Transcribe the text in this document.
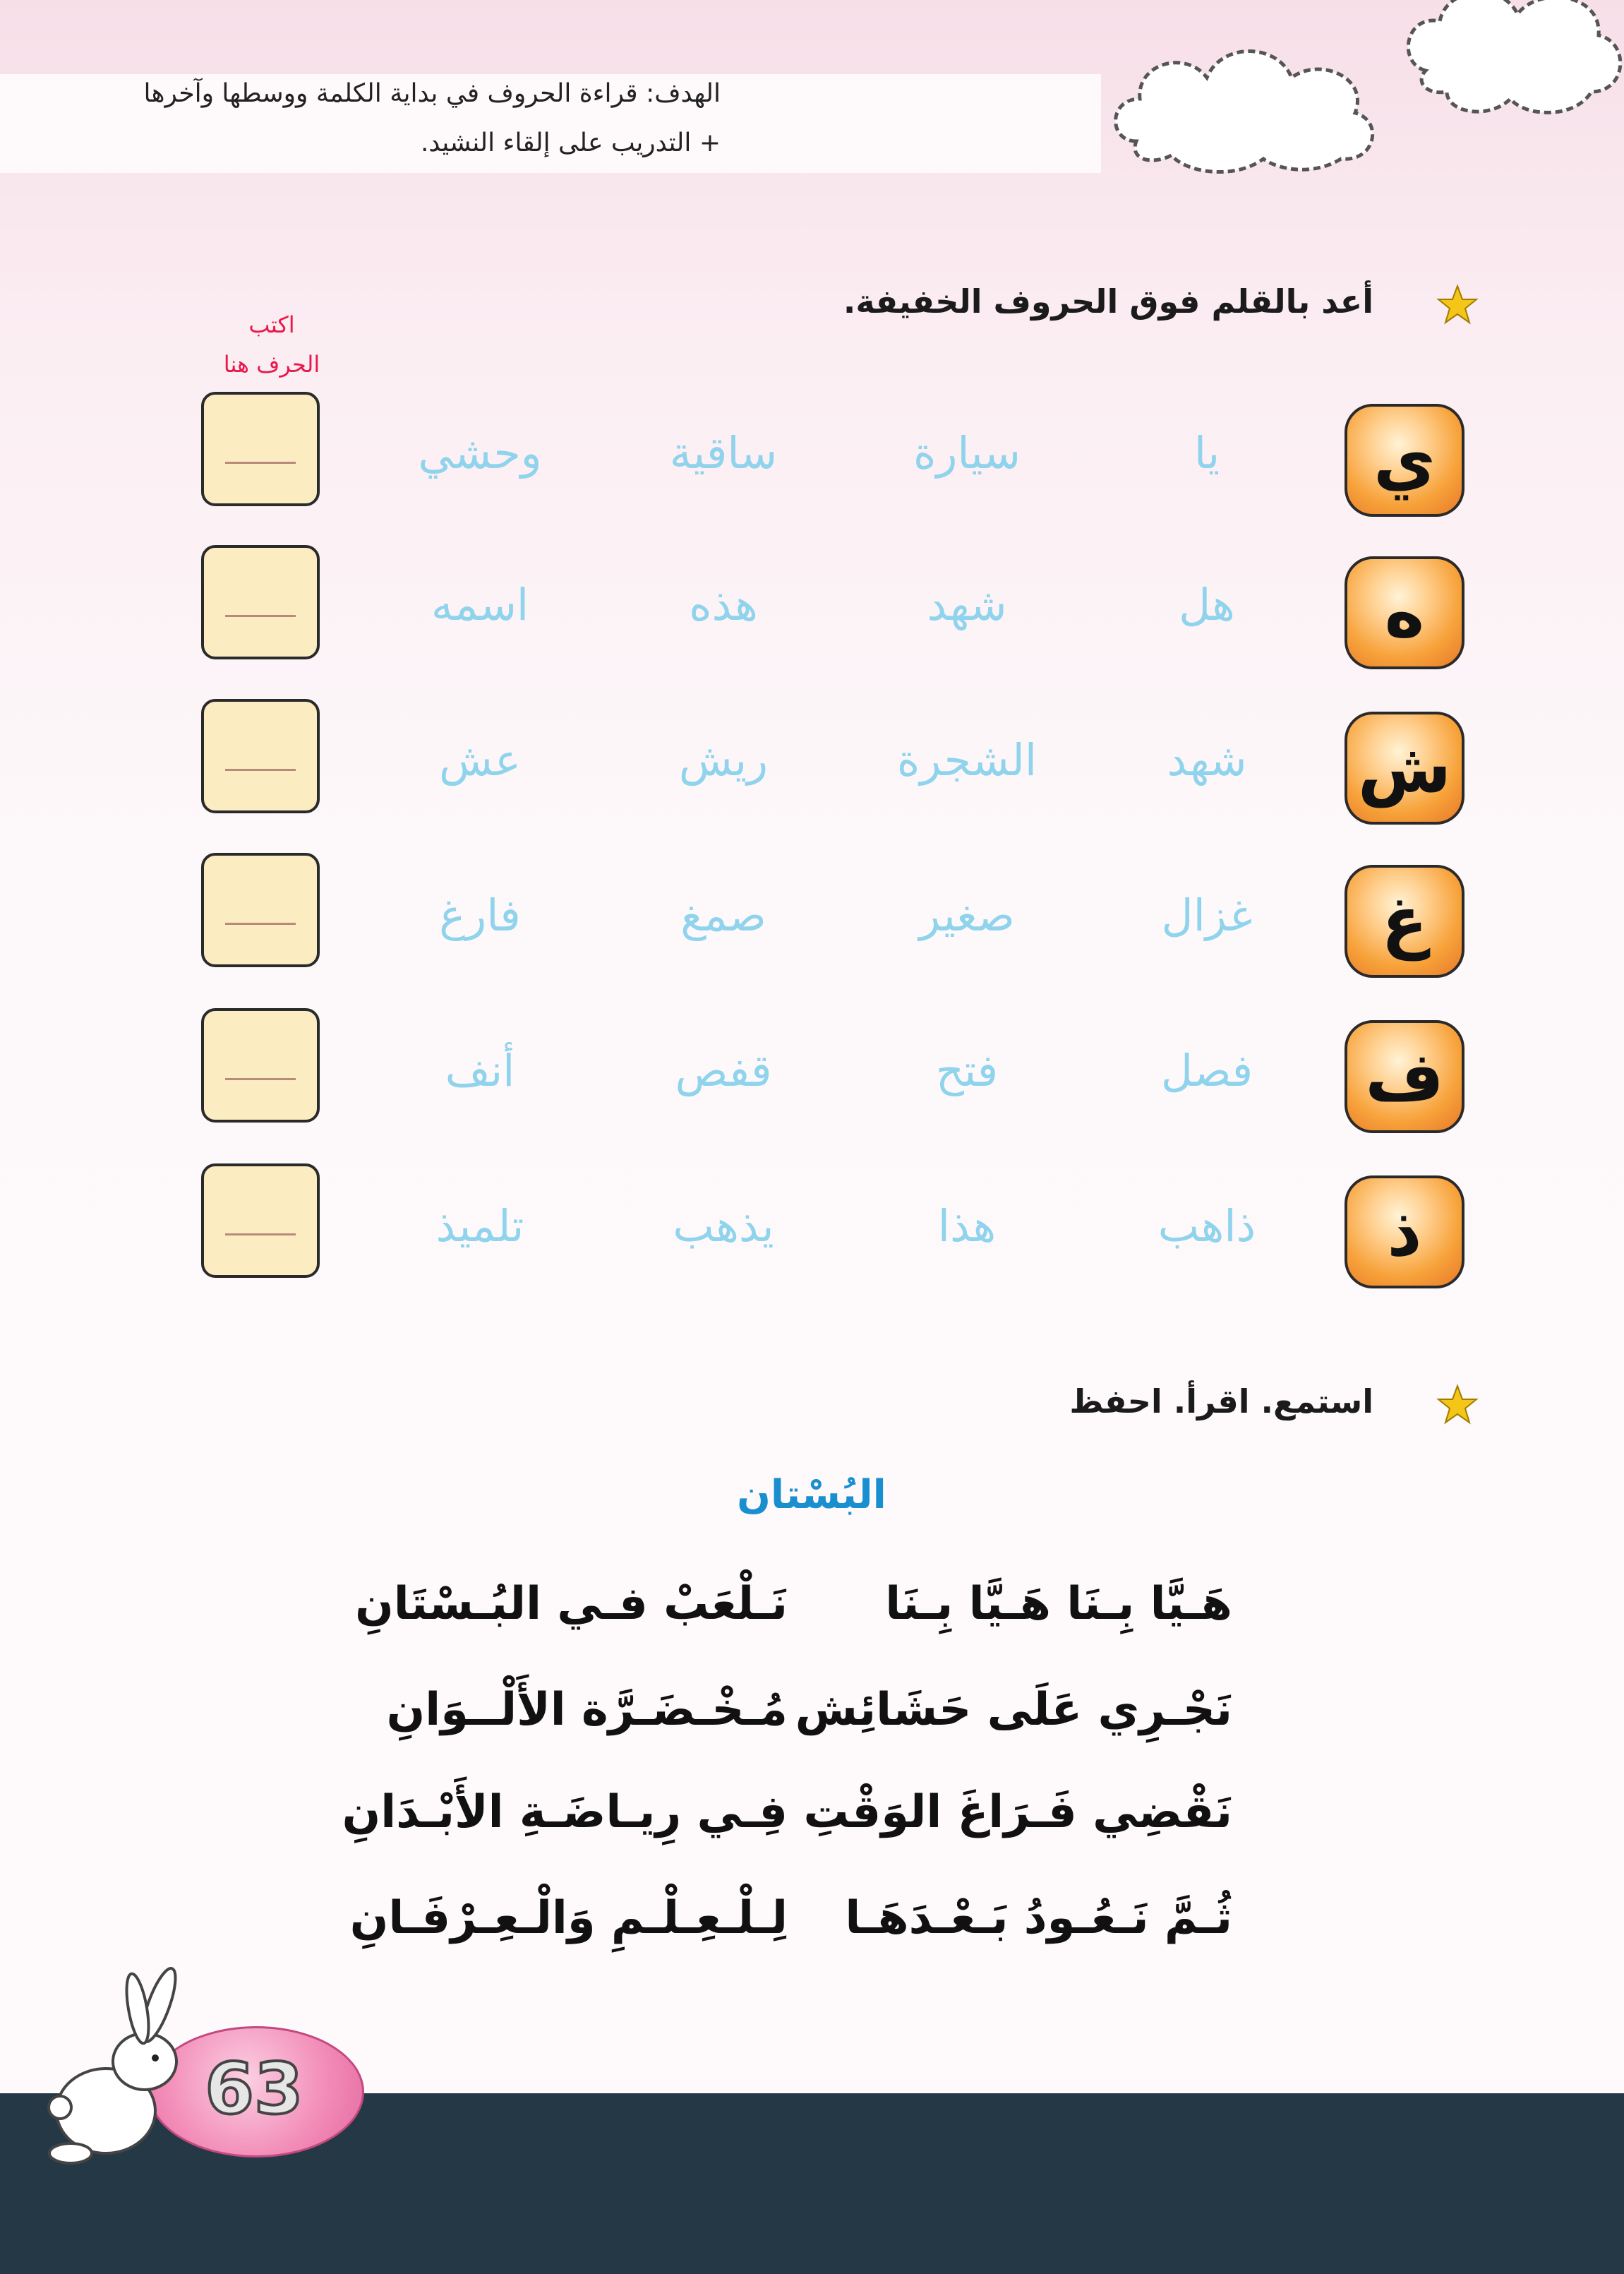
الهدف: قراءة الحروف في بداية الكلمة ووسطها وآخرها
+ التدريب على إلقاء النشيد.
أعد بالقلم فوق الحروف الخفيفة.
اكتب
الحرف هنا
ي
يا
سيارة
ساقية
وحشي
ه
هل
شهد
هذه
اسمه
ش
شهد
الشجرة
ريش
عش
غ
غزال
صغير
صمغ
فارغ
ف
فصل
فتح
قفص
أنف
ذ
ذاهب
هذا
يذهب
تلميذ
استمع. اقرأ. احفظ
البُسْتان
هَـيَّا بِـنَا هَـيَّا بِـنَا
نَـلْعَبْ فـي البُـسْتَانِ
نَجْـرِي عَلَى حَشَائِش
مُـخْـضَـرَّة الأَلْــوَانِ
نَقْضِي فَـرَاغَ الوَقْتِ
فِـي رِيـاضَـةِ الأَبْـدَانِ
ثُـمَّ نَـعُـودُ بَـعْـدَهَـا
لِـلْـعِـلْـمِ وَالْـعِـرْفَـانِ
63
